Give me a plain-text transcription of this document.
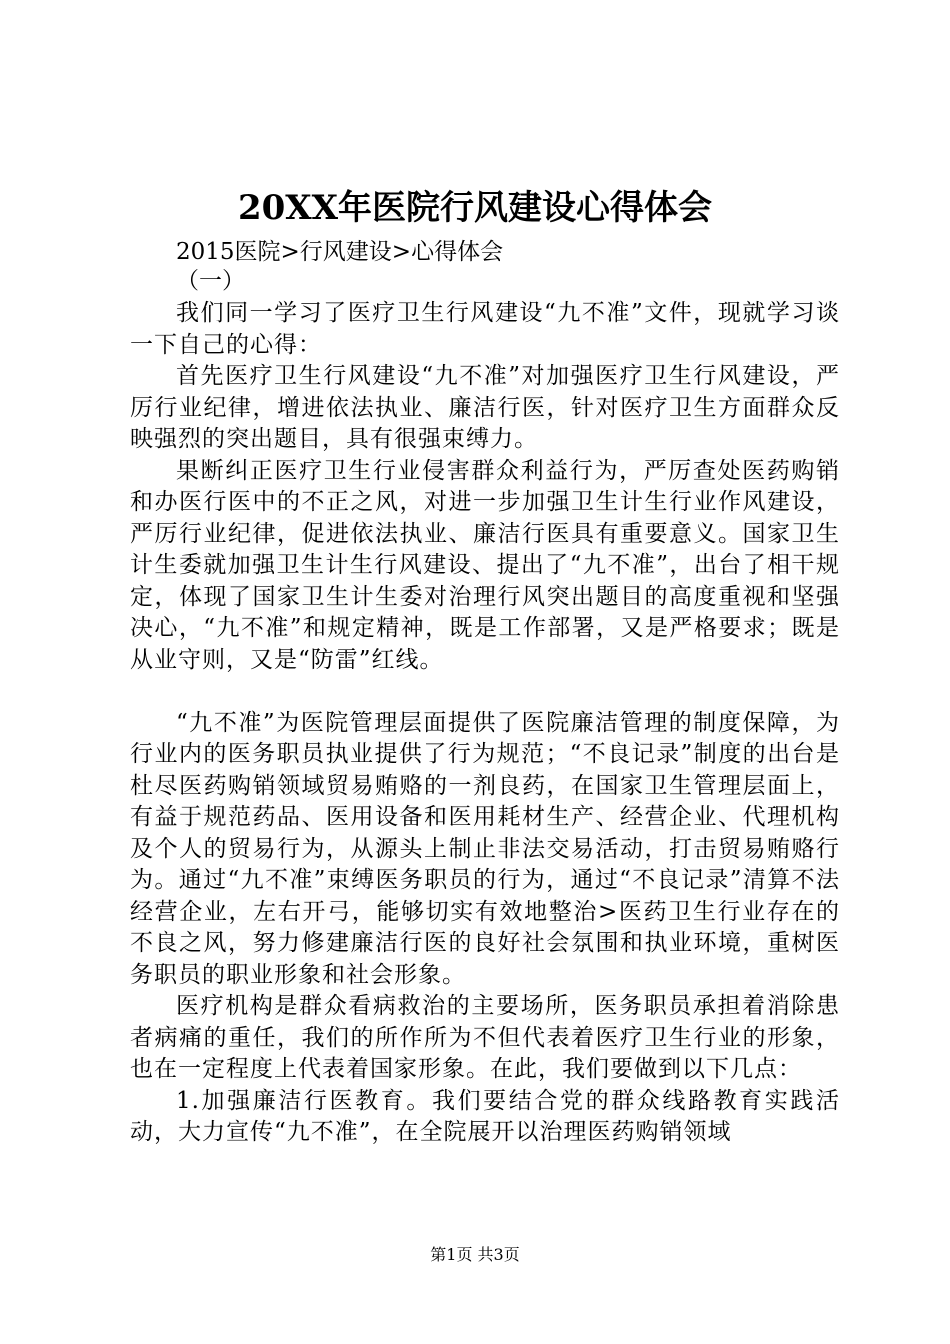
20XX年医院行风建设心得体会

2015医院>行风建设>心得体会

（一）

我们同一学习了医疗卫生行风建设“九不准”文件，现就学习谈一下自己的心得：

首先医疗卫生行风建设“九不准”对加强医疗卫生行风建设，严厉行业纪律，增进依法执业、廉洁行医，针对医疗卫生方面群众反映强烈的突出题目，具有很强束缚力。

果断纠正医疗卫生行业侵害群众利益行为，严厉查处医药购销和办医行医中的不正之风，对进一步加强卫生计生行业作风建设，严厉行业纪律，促进依法执业、廉洁行医具有重要意义。国家卫生计生委就加强卫生计生行风建设、提出了“九不准”，出台了相干规定，体现了国家卫生计生委对治理行风突出题目的高度重视和坚强决心，“九不准”和规定精神，既是工作部署，又是严格要求；既是从业守则，又是“防雷”红线。

“九不准”为医院管理层面提供了医院廉洁管理的制度保障，为行业内的医务职员执业提供了行为规范；“不良记录”制度的出台是杜尽医药购销领域贸易贿赂的一剂良药，在国家卫生管理层面上，有益于规范药品、医用设备和医用耗材生产、经营企业、代理机构及个人的贸易行为，从源头上制止非法交易活动，打击贸易贿赂行为。通过“九不准”束缚医务职员的行为，通过“不良记录”清算不法经营企业，左右开弓，能够切实有效地整治>医药卫生行业存在的不良之风，努力修建廉洁行医的良好社会氛围和执业环境，重树医务职员的职业形象和社会形象。

医疗机构是群众看病救治的主要场所，医务职员承担着消除患者病痛的重任，我们的所作所为不但代表着医疗卫生行业的形象，也在一定程度上代表着国家形象。在此，我们要做到以下几点：

1.加强廉洁行医教育。我们要结合党的群众线路教育实践活动，大力宣传“九不准”，在全院展开以治理医药购销领域

第1页 共3页
